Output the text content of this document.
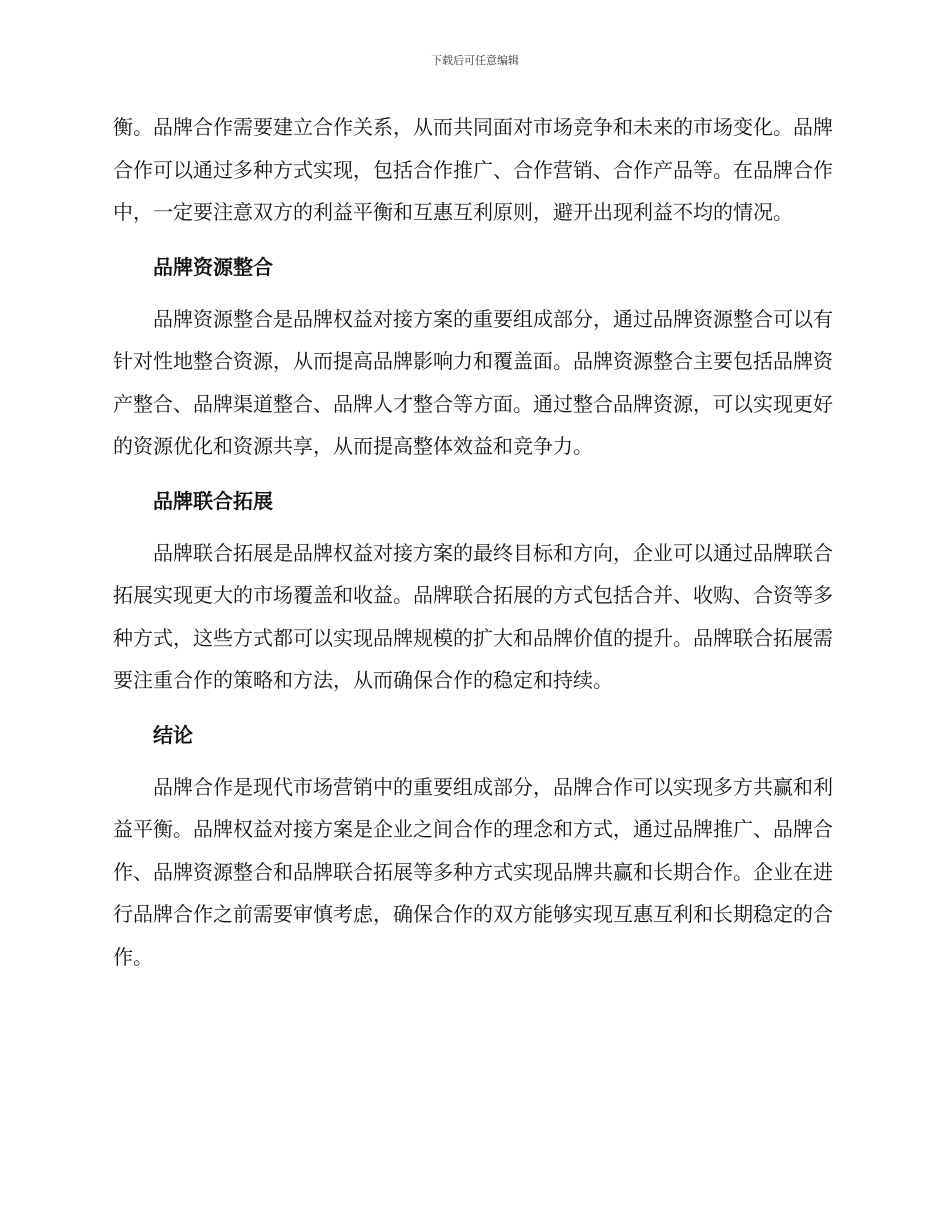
下载后可任意编辑

衡。品牌合作需要建立合作关系，从而共同面对市场竞争和未来的市场变化。品牌合作可以通过多种方式实现，包括合作推广、合作营销、合作产品等。在品牌合作中，一定要注意双方的利益平衡和互惠互利原则，避开出现利益不均的情况。

品牌资源整合

品牌资源整合是品牌权益对接方案的重要组成部分，通过品牌资源整合可以有针对性地整合资源，从而提高品牌影响力和覆盖面。品牌资源整合主要包括品牌资产整合、品牌渠道整合、品牌人才整合等方面。通过整合品牌资源，可以实现更好的资源优化和资源共享，从而提高整体效益和竞争力。

品牌联合拓展

品牌联合拓展是品牌权益对接方案的最终目标和方向，企业可以通过品牌联合拓展实现更大的市场覆盖和收益。品牌联合拓展的方式包括合并、收购、合资等多种方式，这些方式都可以实现品牌规模的扩大和品牌价值的提升。品牌联合拓展需要注重合作的策略和方法，从而确保合作的稳定和持续。

结论

品牌合作是现代市场营销中的重要组成部分，品牌合作可以实现多方共赢和利益平衡。品牌权益对接方案是企业之间合作的理念和方式，通过品牌推广、品牌合作、品牌资源整合和品牌联合拓展等多种方式实现品牌共赢和长期合作。企业在进行品牌合作之前需要审慎考虑，确保合作的双方能够实现互惠互利和长期稳定的合作。
